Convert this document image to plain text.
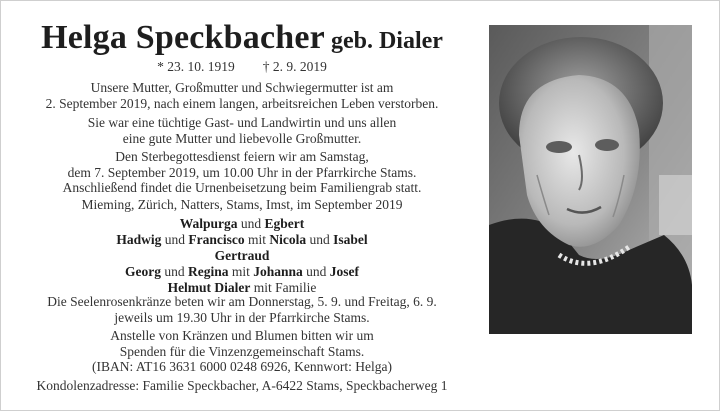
Helga Speckbacher geb. Dialer
* 23. 10. 1919 † 2. 9. 2019
Unsere Mutter, Großmutter und Schwiegermutter ist am
2. September 2019, nach einem langen, arbeitsreichen Leben verstorben.
Sie war eine tüchtige Gast- und Landwirtin und uns allen
eine gute Mutter und liebevolle Großmutter.
Den Sterbegottesdienst feiern wir am Samstag,
dem 7. September 2019, um 10.00 Uhr in der Pfarrkirche Stams.
Anschließend findet die Urnenbeisetzung beim Familiengrab statt.
Mieming, Zürich, Natters, Stams, Imst, im September 2019
Walpurga und Egbert
Hadwig und Francisco mit Nicola und Isabel
Gertraud
Georg und Regina mit Johanna und Josef
Helmut Dialer mit Familie
Die Seelenrosenkränze beten wir am Donnerstag, 5. 9. und Freitag, 6. 9.
jeweils um 19.30 Uhr in der Pfarrkirche Stams.
Anstelle von Kränzen und Blumen bitten wir um
Spenden für die Vinzenzgemeinschaft Stams.
(IBAN: AT16 3631 6000 0248 6926, Kennwort: Helga)
Kondolenzadresse: Familie Speckbacher, A-6422 Stams, Speckbacherweg 1
